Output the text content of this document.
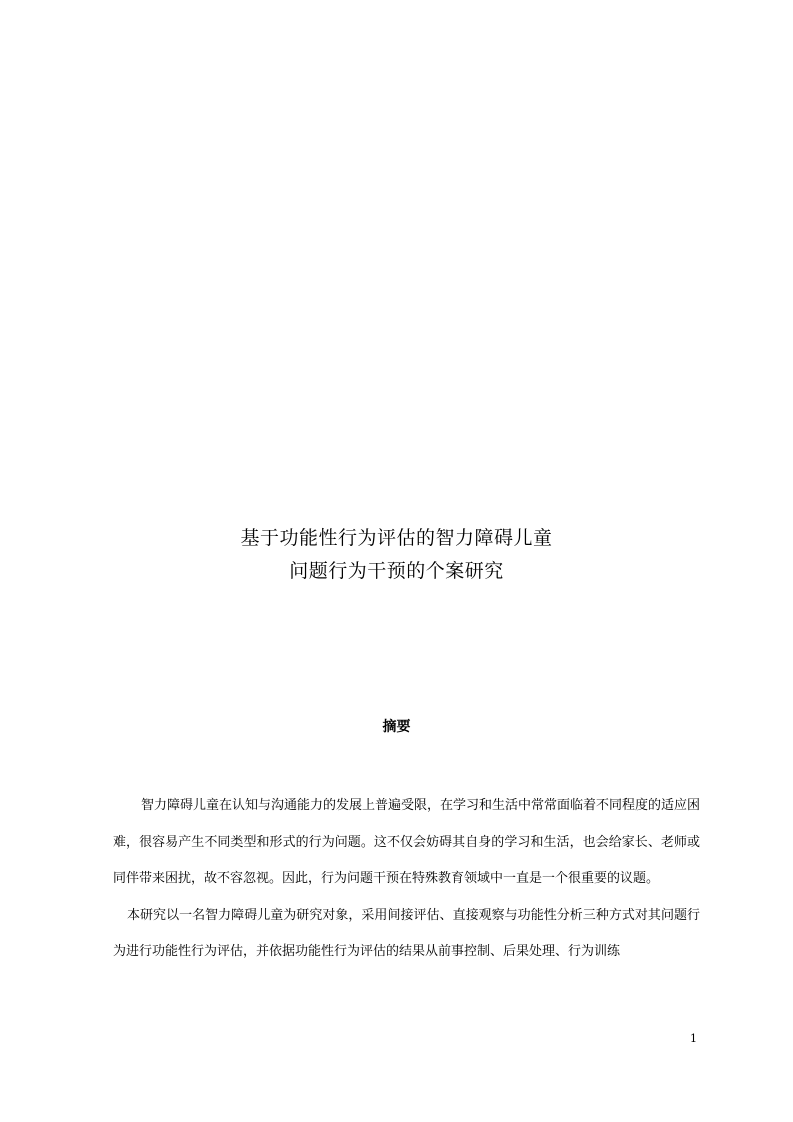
基于功能性行为评估的智力障碍儿童
问题行为干预的个案研究
摘要

智力障碍儿童在认知与沟通能力的发展上普遍受限，在学习和生活中常常面临着不同程度的适应困难，很容易产生不同类型和形式的行为问题。这不仅会妨碍其自身的学习和生活，也会给家长、老师或同伴带来困扰，故不容忽视。因此，行为问题干预在特殊教育领域中一直是一个很重要的议题。

本研究以一名智力障碍儿童为研究对象，采用间接评估、直接观察与功能性分析三种方式对其问题行为进行功能性行为评估，并依据功能性行为评估的结果从前事控制、后果处理、行为训练

1
